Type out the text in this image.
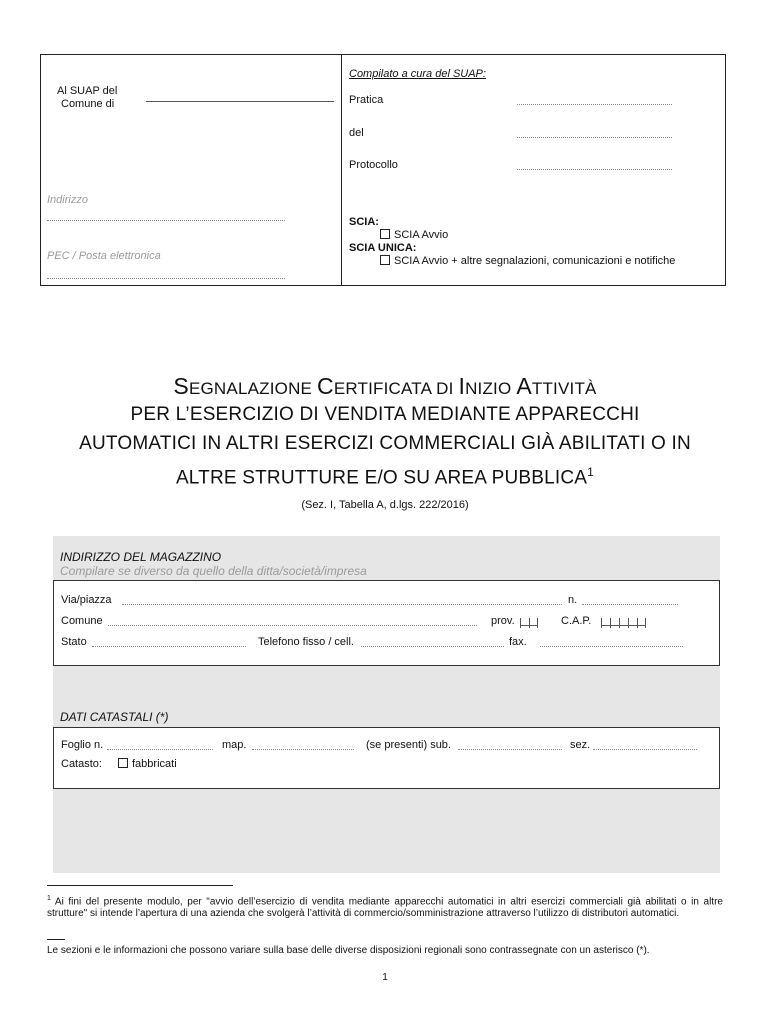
Al SUAP del
Comune di
Indirizzo
PEC / Posta elettronica
Compilato a cura del SUAP:
Pratica
del
Protocollo
SCIA:
SCIA Avvio
SCIA UNICA:
SCIA Avvio + altre segnalazioni, comunicazioni e notifiche
SEGNALAZIONE CERTIFICATA DI INIZIO ATTIVITÀ
PER L’ESERCIZIO DI VENDITA MEDIANTE APPARECCHI
AUTOMATICI IN ALTRI ESERCIZI COMMERCIALI GIÀ ABILITATI O IN
ALTRE STRUTTURE E/O SU AREA PUBBLICA$^1$
(Sez. I, Tabella A, d.lgs. 222/2016)
INDIRIZZO DEL MAGAZZINO
Compilare se diverso da quello della ditta/società/impresa
Via/piazza	n.
Comune	prov.	C.A.P.
Stato	Telefono fisso / cell.	fax.
DATI CATASTALI (*)
Foglio n.	map.	(se presenti) sub.	sez.
Catasto:	fabbricati
$^1$ Ai fini del presente modulo, per "avvio dell’esercizio di vendita mediante apparecchi automatici in altri esercizi commerciali già abilitati o in altre strutture" si intende l’apertura di una azienda che svolgerà l’attività di commercio/somministrazione attraverso l’utilizzo di distributori automatici.
Le sezioni e le informazioni che possono variare sulla base delle diverse disposizioni regionali sono contrassegnate con un asterisco (*).
1
